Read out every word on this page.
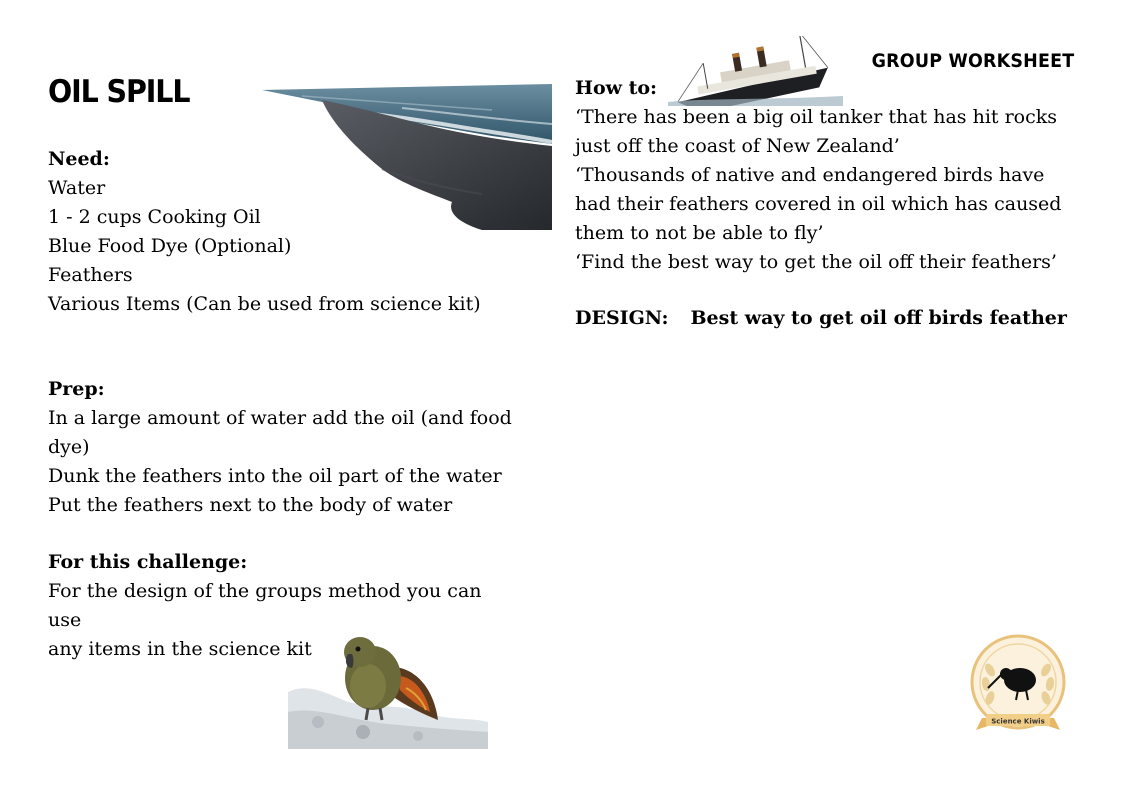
OIL SPILL
GROUP WORKSHEET
Need:
Water
1 - 2 cups Cooking Oil
Blue Food Dye (Optional)
Feathers
Various Items (Can be used from science kit)
Prep:
In a large amount of water add the oil (and food
dye)
Dunk the feathers into the oil part of the water
Put the feathers next to the body of water
For this challenge:
For the design of the groups method you can use
any items in the science kit
How to:
‘There has been a big oil tanker that has hit rocks
just off the coast of New Zealand’
‘Thousands of native and endangered birds have
had their feathers covered in oil which has caused
them to not be able to fly’
‘Find the best way to get the oil off their feathers’
DESIGN: Best way to get oil off birds feather
Science Kiwis
